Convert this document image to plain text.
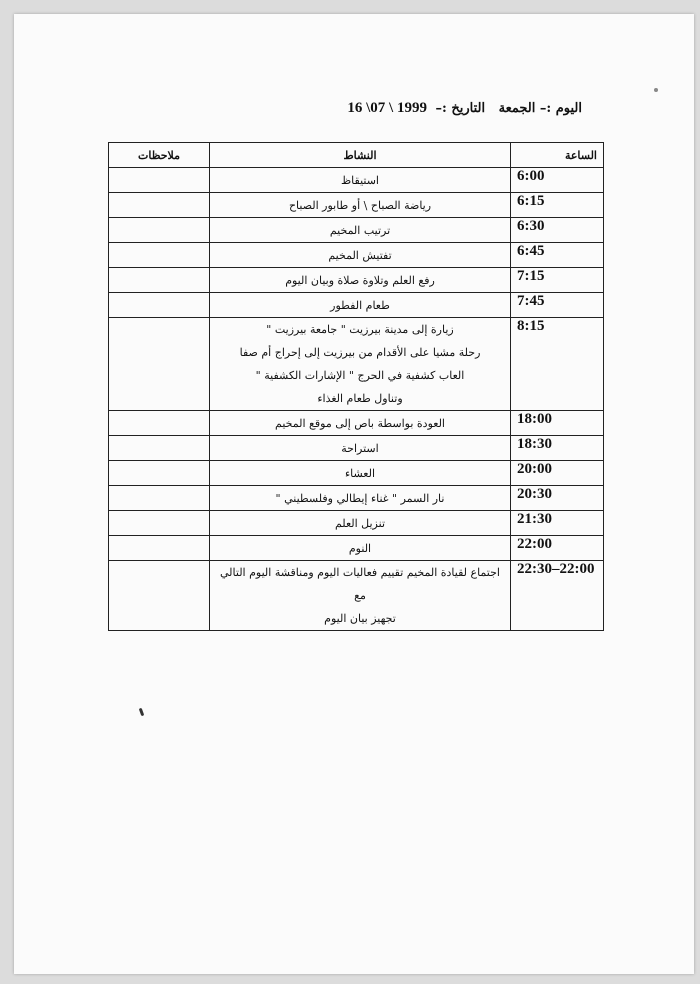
اليوم :– الجمعة   التاريخ :– 1999 \ 07\ 16
الساعة	النشاط	ملاحظات
6:00	استيقاظ	

6:15	رياضة الصباح \ أو طابور الصباح	

6:30	ترتيب المخيم	

6:45	تفتيش المخيم	

7:15	رفع العلم وتلاوة صلاة وبيان اليوم	

7:45	طعام الفطور	

8:15	زيارة إلى مدينة بيرزيت " جامعة بيرزيت "
رحلة مشيا على الأقدام من بيرزيت إلى إحراج أم صفا
العاب كشفية في الحرج " الإشارات الكشفية "
وتناول طعام الغذاء	

18:00	العودة بواسطة باص إلى موقع المخيم	

18:30	استراحة	

20:00	العشاء	

20:30	نار السمر " غناء إيطالي وفلسطيني "	

21:30	تنزيل العلم	

22:00	النوم	

22:30–22:00	اجتماع لقيادة المخيم تقييم فعاليات اليوم ومناقشة اليوم التالي مع
تجهيز بيان اليوم	
